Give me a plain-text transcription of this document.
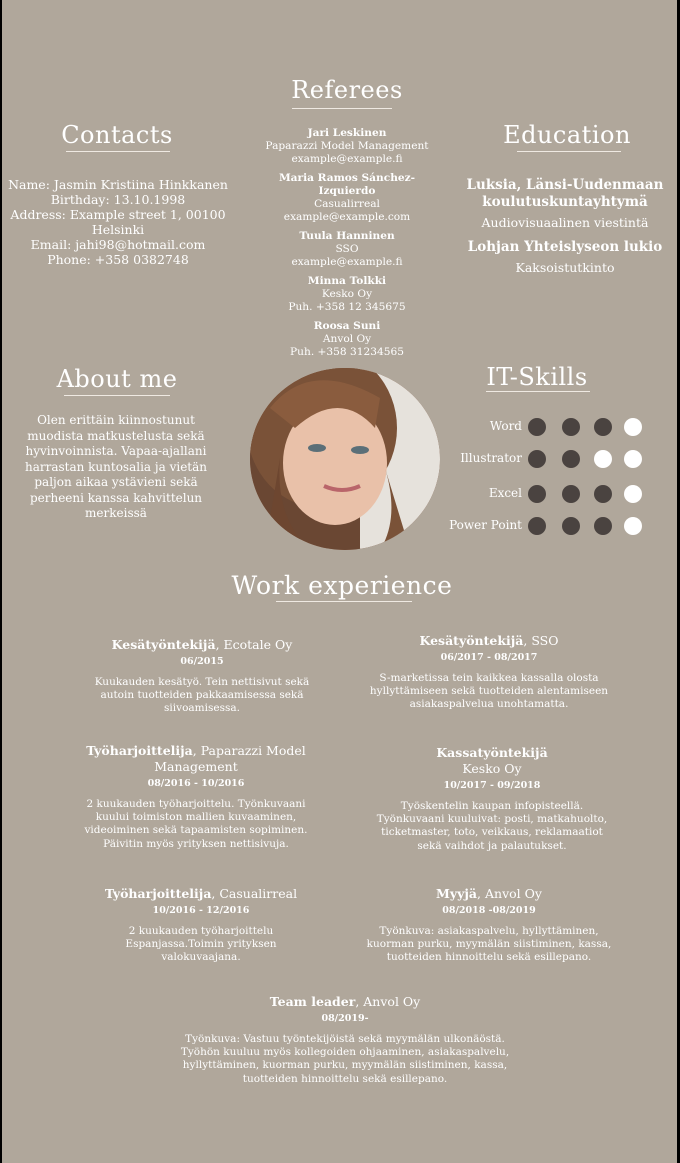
Referees
Jari Leskinen
Paparazzi Model Management
example@example.fi
Maria Ramos Sánchez-Izquierdo
Casualirreal
example@example.com
Tuula Hanninen
SSO
example@example.fi
Minna Tolkki
Kesko Oy
Puh. +358 12 345675
Roosa Suni
Anvol Oy
Puh. +358 31234565
Contacts
Name: Jasmin Kristiina Hinkkanen
Birthday: 13.10.1998
Address: Example street 1, 00100 Helsinki
Email: jahi98@hotmail.com
Phone: +358 0382748
Education
Luksia, Länsi-Uudenmaan koulutuskuntayhtymä
Audiovisuaalinen viestintä
Lohjan Yhteislyseon lukio
Kaksoistutkinto
About me
Olen erittäin kiinnostunut muodista matkustelusta sekä hyvinvoinnista. Vapaa-ajallani harrastan kuntosalia ja vietän paljon aikaa ystävieni sekä perheeni kanssa kahvittelun merkeissä
IT-Skills
Word
Illustrator
Excel
Power Point
Work experience
Kesätyöntekijä, Ecotale Oy
06/2015
Kuukauden kesätyö. Tein nettisivut sekä autoin tuotteiden pakkaamisessa sekä siivoamisessa.
Kesätyöntekijä, SSO
06/2017 - 08/2017
S-marketissa tein kaikkea kassalla olosta hyllyttämiseen sekä tuotteiden alentamiseen asiakaspalvelua unohtamatta.
Työharjoittelija, Paparazzi Model Management
08/2016 - 10/2016
2 kuukauden työharjoittelu. Työnkuvaani kuului toimiston mallien kuvaaminen, videoiminen sekä tapaamisten sopiminen. Päivitin myös yrityksen nettisivuja.
Kassatyöntekijä
Kesko Oy
10/2017 - 09/2018
Työskentelin kaupan infopisteellä. Työnkuvaani kuuluivat: posti, matkahuolto, ticketmaster, toto, veikkaus, reklamaatiot sekä vaihdot ja palautukset.
Työharjoittelija, Casualirreal
10/2016 - 12/2016
2 kuukauden työharjoittelu Espanjassa.Toimin yrityksen valokuvaajana.
Myyjä, Anvol Oy
08/2018 -08/2019
Työnkuva: asiakaspalvelu, hyllyttäminen, kuorman purku, myymälän siistiminen, kassa, tuotteiden hinnoittelu sekä esillepano.
Team leader, Anvol Oy
08/2019-
Työnkuva: Vastuu työntekijöistä sekä myymälän ulkonäöstä. Työhön kuuluu myös kollegoiden ohjaaminen, asiakaspalvelu, hyllyttäminen, kuorman purku, myymälän siistiminen, kassa, tuotteiden hinnoittelu sekä esillepano.
